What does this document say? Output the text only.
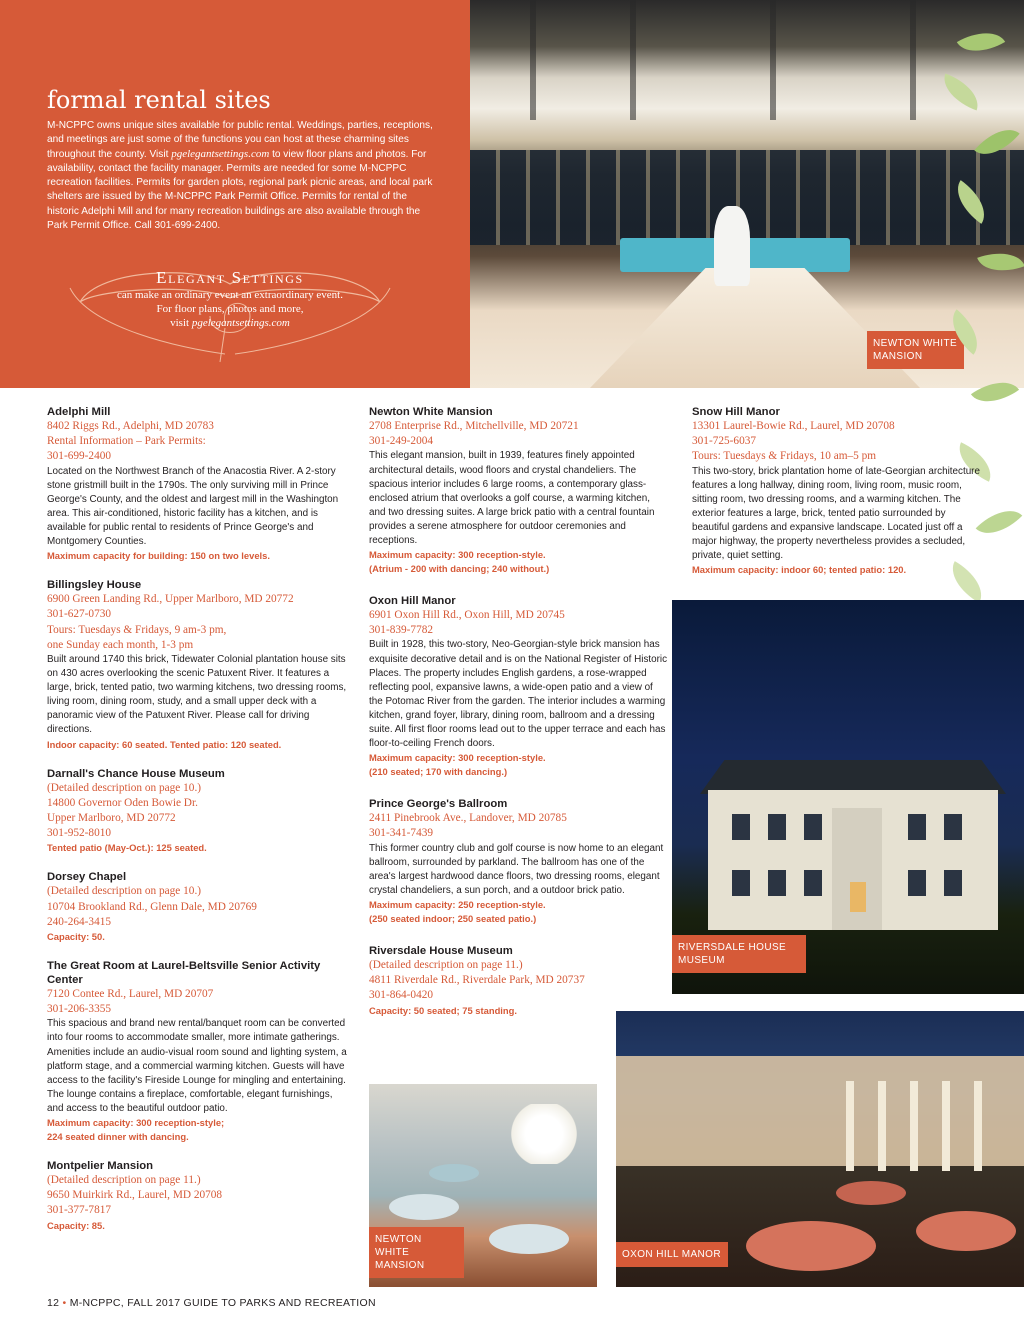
NEWTON WHITE
MANSION
formal rental sites

M-NCPPC owns unique sites available for public rental. Weddings, parties, receptions, and meetings are just some of the functions you can host at these charming sites throughout the county. Visit pgelegantsettings.com to view floor plans and photos. For availability, contact the facility manager. Permits are needed for some M-NCPPC recreation facilities. Permits for garden plots, regional park picnic areas, and local park shelters are issued by the M-NCPPC Park Permit Office. Permits for rental of the historic Adelphi Mill and for many recreation buildings are also available through the Park Permit Office. Call 301-699-2400.

Elegant Settings
can make an ordinary event an extraordinary event.
For floor plans, photos and more,
visit pgelegantsettings.com
Adelphi Mill
8402 Riggs Rd., Adelphi, MD 20783
Rental Information – Park Permits:
301-699-2400
Located on the Northwest Branch of the Anacostia River. A 2-story stone gristmill built in the 1790s. The only surviving mill in Prince George's County, and the oldest and largest mill in the Washington area. This air-conditioned, historic facility has a kitchen, and is available for public rental to residents of Prince George's and Montgomery Counties.
Maximum capacity for building: 150 on two levels.
Billingsley House
6900 Green Landing Rd., Upper Marlboro, MD 20772
301-627-0730
Tours: Tuesdays & Fridays, 9 am-3 pm,
one Sunday each month, 1-3 pm
Built around 1740 this brick, Tidewater Colonial plantation house sits on 430 acres overlooking the scenic Patuxent River. It features a large, brick, tented patio, two warming kitchens, two dressing rooms, living room, dining room, study, and a small upper deck with a panoramic view of the Patuxent River. Please call for driving directions.
Indoor capacity: 60 seated. Tented patio: 120 seated.
Darnall's Chance House Museum
(Detailed description on page 10.)
14800 Governor Oden Bowie Dr.
Upper Marlboro, MD 20772
301-952-8010
Tented patio (May-Oct.): 125 seated.
Dorsey Chapel
(Detailed description on page 10.)
10704 Brookland Rd., Glenn Dale, MD 20769
240-264-3415
Capacity: 50.
The Great Room at Laurel-Beltsville Senior Activity Center
7120 Contee Rd., Laurel, MD 20707
301-206-3355
This spacious and brand new rental/banquet room can be converted into four rooms to accommodate smaller, more intimate gatherings. Amenities include an audio-visual room sound and lighting system, a platform stage, and a commercial warming kitchen. Guests will have access to the facility's Fireside Lounge for mingling and entertaining. The lounge contains a fireplace, comfortable, elegant furnishings, and access to the beautiful outdoor patio.
Maximum capacity: 300 reception-style;
224 seated dinner with dancing.
Montpelier Mansion
(Detailed description on page 11.)
9650 Muirkirk Rd., Laurel, MD 20708
301-377-7817
Capacity: 85.
Newton White Mansion
2708 Enterprise Rd., Mitchellville, MD 20721
301-249-2004
This elegant mansion, built in 1939, features finely appointed architectural details, wood floors and crystal chandeliers. The spacious interior includes 6 large rooms, a contemporary glass-enclosed atrium that overlooks a golf course, a warming kitchen, and two dressing suites. A large brick patio with a central fountain provides a serene atmosphere for outdoor ceremonies and receptions.
Maximum capacity: 300 reception-style.
(Atrium - 200 with dancing; 240 without.)
Oxon Hill Manor
6901 Oxon Hill Rd., Oxon Hill, MD 20745
301-839-7782
Built in 1928, this two-story, Neo-Georgian-style brick mansion has exquisite decorative detail and is on the National Register of Historic Places. The property includes English gardens, a rose-wrapped reflecting pool, expansive lawns, a wide-open patio and a view of the Potomac River from the garden. The interior includes a warming kitchen, grand foyer, library, dining room, ballroom and a dressing suite. All first floor rooms lead out to the upper terrace and each has floor-to-ceiling French doors.
Maximum capacity: 300 reception-style.
(210 seated; 170 with dancing.)
Prince George's Ballroom
2411 Pinebrook Ave., Landover, MD 20785
301-341-7439
This former country club and golf course is now home to an elegant ballroom, surrounded by parkland. The ballroom has one of the area's largest hardwood dance floors, two dressing rooms, elegant crystal chandeliers, a sun porch, and a outdoor brick patio.
Maximum capacity: 250 reception-style.
(250 seated indoor; 250 seated patio.)
Riversdale House Museum
(Detailed description on page 11.)
4811 Riverdale Rd., Riverdale Park, MD 20737
301-864-0420
Capacity: 50 seated; 75 standing.
Snow Hill Manor
13301 Laurel-Bowie Rd., Laurel, MD 20708
301-725-6037
Tours: Tuesdays & Fridays, 10 am–5 pm
This two-story, brick plantation home of late-Georgian architecture features a long hallway, dining room, living room, music room, sitting room, two dressing rooms, and a warming kitchen. The exterior features a large, brick, tented patio surrounded by beautiful gardens and expansive landscape. Located just off a major highway, the property nevertheless provides a secluded, private, quiet setting.
Maximum capacity: indoor 60; tented patio: 120.
RIVERSDALE HOUSE
MUSEUM
NEWTON WHITE
MANSION
OXON HILL MANOR
12 • M-NCPPC, FALL 2017 GUIDE TO PARKS AND RECREATION
